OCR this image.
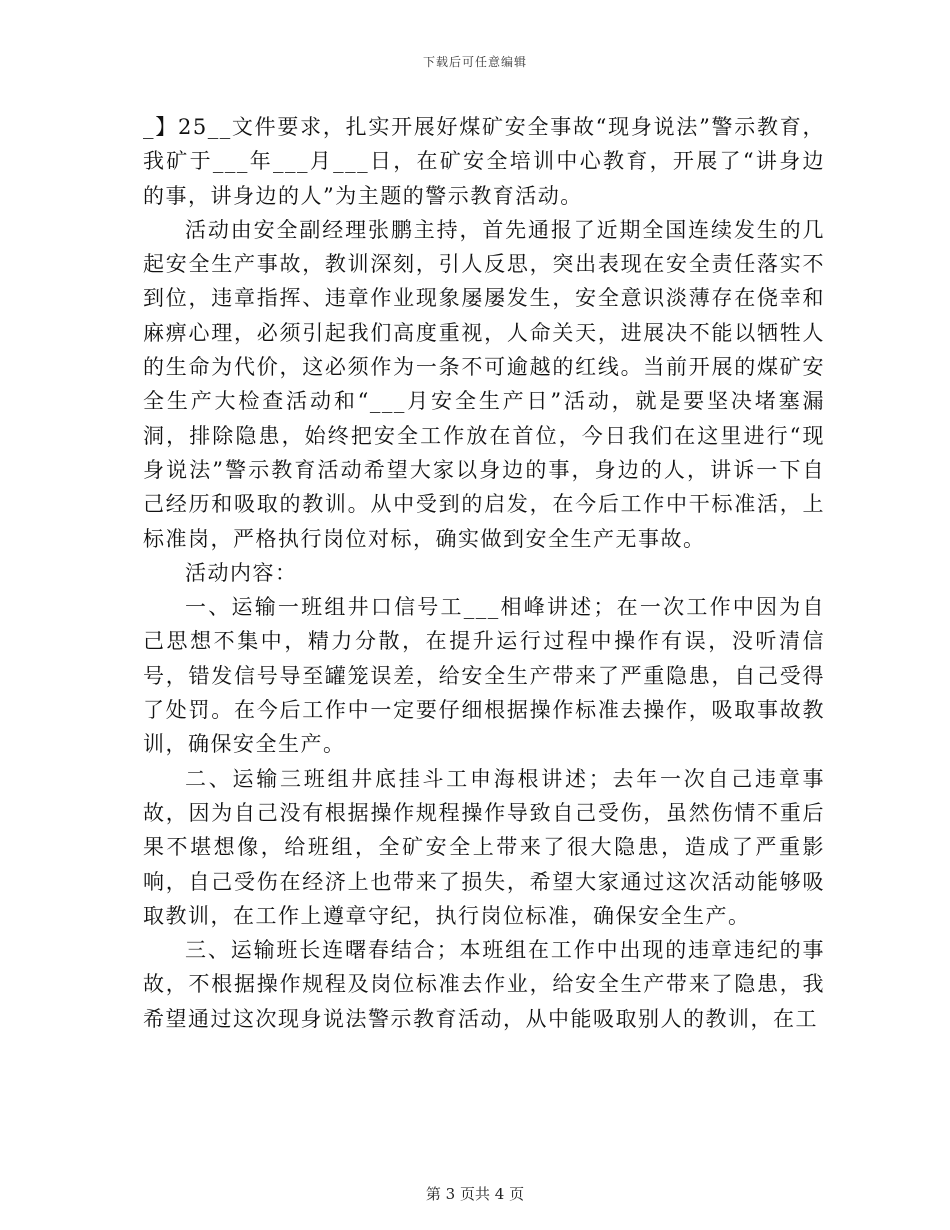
下载后可任意编辑

_】25__文件要求，扎实开展好煤矿安全事故“现身说法”警示教育，我矿于___年___月___日，在矿安全培训中心教育，开展了“讲身边的事，讲身边的人”为主题的警示教育活动。

活动由安全副经理张鹏主持，首先通报了近期全国连续发生的几起安全生产事故，教训深刻，引人反思，突出表现在安全责任落实不到位，违章指挥、违章作业现象屡屡发生，安全意识淡薄存在侥幸和麻痹心理，必须引起我们高度重视，人命关天，进展决不能以牺牲人的生命为代价，这必须作为一条不可逾越的红线。当前开展的煤矿安全生产大检查活动和“___月安全生产日”活动，就是要坚决堵塞漏洞，排除隐患，始终把安全工作放在首位，今日我们在这里进行“现身说法”警示教育活动希望大家以身边的事，身边的人，讲诉一下自己经历和吸取的教训。从中受到的启发，在今后工作中干标准活，上标准岗，严格执行岗位对标，确实做到安全生产无事故。

活动内容：

一、运输一班组井口信号工___相峰讲述；在一次工作中因为自己思想不集中，精力分散，在提升运行过程中操作有误，没听清信号，错发信号导至罐笼误差，给安全生产带来了严重隐患，自己受得了处罚。在今后工作中一定要仔细根据操作标准去操作，吸取事故教训，确保安全生产。

二、运输三班组井底挂斗工申海根讲述；去年一次自己违章事故，因为自己没有根据操作规程操作导致自己受伤，虽然伤情不重后果不堪想像，给班组，全矿安全上带来了很大隐患，造成了严重影响，自己受伤在经济上也带来了损失，希望大家通过这次活动能够吸取教训，在工作上遵章守纪，执行岗位标准，确保安全生产。

三、运输班长连曙春结合；本班组在工作中出现的违章违纪的事故，不根据操作规程及岗位标准去作业，给安全生产带来了隐患，我希望通过这次现身说法警示教育活动，从中能吸取别人的教训，在工

第 3 页共 4 页
